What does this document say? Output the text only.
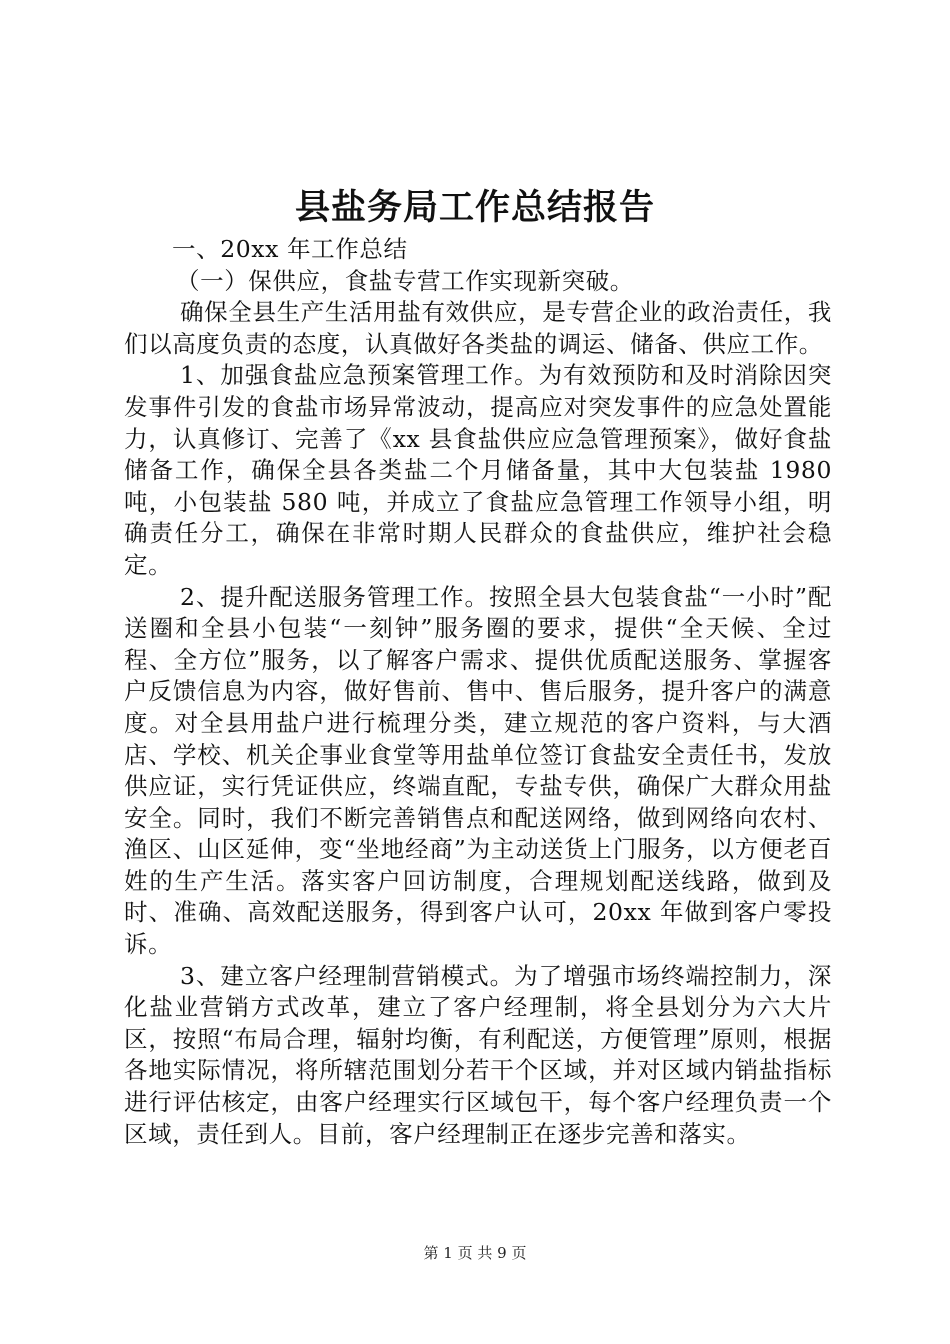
县盐务局工作总结报告

一、20xx 年工作总结

（一）保供应，食盐专营工作实现新突破。

确保全县生产生活用盐有效供应，是专营企业的政治责任，我们以高度负责的态度，认真做好各类盐的调运、储备、供应工作。

1、加强食盐应急预案管理工作。为有效预防和及时消除因突发事件引发的食盐市场异常波动，提高应对突发事件的应急处置能力，认真修订、完善了《xx 县食盐供应应急管理预案》，做好食盐储备工作，确保全县各类盐二个月储备量，其中大包装盐 1980 吨，小包装盐 580 吨，并成立了食盐应急管理工作领导小组，明确责任分工，确保在非常时期人民群众的食盐供应，维护社会稳定。

2、提升配送服务管理工作。按照全县大包装食盐“一小时”配送圈和全县小包装“一刻钟”服务圈的要求，提供“全天候、全过程、全方位”服务，以了解客户需求、提供优质配送服务、掌握客户反馈信息为内容，做好售前、售中、售后服务，提升客户的满意度。对全县用盐户进行梳理分类，建立规范的客户资料，与大酒店、学校、机关企事业食堂等用盐单位签订食盐安全责任书，发放供应证，实行凭证供应，终端直配，专盐专供，确保广大群众用盐安全。同时，我们不断完善销售点和配送网络，做到网络向农村、渔区、山区延伸，变“坐地经商”为主动送货上门服务，以方便老百姓的生产生活。落实客户回访制度，合理规划配送线路，做到及时、准确、高效配送服务，得到客户认可，20xx 年做到客户零投诉。

3、建立客户经理制营销模式。为了增强市场终端控制力，深化盐业营销方式改革，建立了客户经理制，将全县划分为六大片区，按照“布局合理，辐射均衡，有利配送，方便管理”原则，根据各地实际情况，将所辖范围划分若干个区域，并对区域内销盐指标进行评估核定，由客户经理实行区域包干，每个客户经理负责一个区域，责任到人。目前，客户经理制正在逐步完善和落实。

第 1 页 共 9 页
